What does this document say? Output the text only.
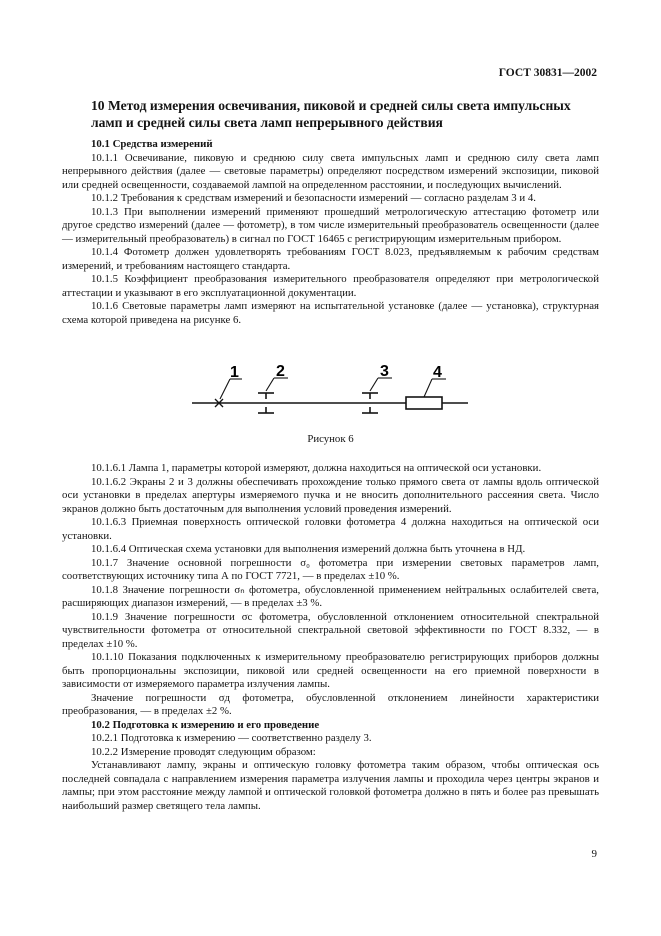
ГОСТ 30831—2002
10 Метод измерения освечивания, пиковой и средней силы света импульсных ламп и средней силы света ламп непрерывного действия

10.1 Средства измерений

10.1.1 Освечивание, пиковую и среднюю силу света импульсных ламп и среднюю силу света ламп непрерывного действия (далее — световые параметры) определяют посредством измерений экспозиции, пиковой или средней освещенности, создаваемой лампой на определенном расстоянии, и последующих вычислений.

10.1.2 Требования к средствам измерений и безопасности измерений — согласно разделам 3 и 4.

10.1.3 При выполнении измерений применяют прошедший метрологическую аттестацию фотометр или другое средство измерений (далее — фотометр), в том числе измерительный преобразователь освещенности (далее — измерительный преобразователь) в сигнал по ГОСТ 16465 с регистрирующим измерительным прибором.

10.1.4 Фотометр должен удовлетворять требованиям ГОСТ 8.023, предъявляемым к рабочим средствам измерений, и требованиям настоящего стандарта.

10.1.5 Коэффициент преобразования измерительного преобразователя определяют при метрологической аттестации и указывают в его эксплуатационной документации.

10.1.6 Световые параметры ламп измеряют на испытательной установке (далее — установка), структурная схема которой приведена на рисунке 6.

1 2	3	4
Рисунок 6

10.1.6.1 Лампа 1, параметры которой измеряют, должна находиться на оптической оси установки.

10.1.6.2 Экраны 2 и 3 должны обеспечивать прохождение только прямого света от лампы вдоль оптической оси установки в пределах апертуры измеряемого пучка и не вносить дополнительного рассеяния света. Число экранов должно быть достаточным для выполнения условий проведения измерений.

10.1.6.3 Приемная поверхность оптической головки фотометра 4 должна находиться на оптической оси установки.

10.1.6.4 Оптическая схема установки для выполнения измерений должна быть уточнена в НД.

10.1.7 Значение основной погрешности σ₀ фотометра при измерении световых параметров ламп, соответствующих источнику типа А по ГОСТ 7721, — в пределах ±10 %.

10.1.8 Значение погрешности σₙ фотометра, обусловленной применением нейтральных ослабителей света, расширяющих диапазон измерений, — в пределах ±3 %.

10.1.9 Значение погрешности σc фотометра, обусловленной отклонением относительной спектральной чувствительности фотометра от относительной спектральной световой эффективности по ГОСТ 8.332, — в пределах ±10 %.

10.1.10 Показания подключенных к измерительному преобразователю регистрирующих приборов должны быть пропорциональны экспозиции, пиковой или средней освещенности на его приемной поверхности в зависимости от измеряемого параметра излучения лампы.

Значение погрешности σд фотометра, обусловленной отклонением линейности характеристики преобразования, — в пределах ±2 %.

10.2 Подготовка к измерению и его проведение

10.2.1 Подготовка к измерению — соответственно разделу 3.

10.2.2 Измерение проводят следующим образом:

Устанавливают лампу, экраны и оптическую головку фотометра таким образом, чтобы оптическая ось последней совпадала с направлением измерения параметра излучения лампы и проходила через центры экранов и лампы; при этом расстояние между лампой и оптической головкой фотометра должно в пять и более раз превышать наибольший размер светящего тела лампы.

9
